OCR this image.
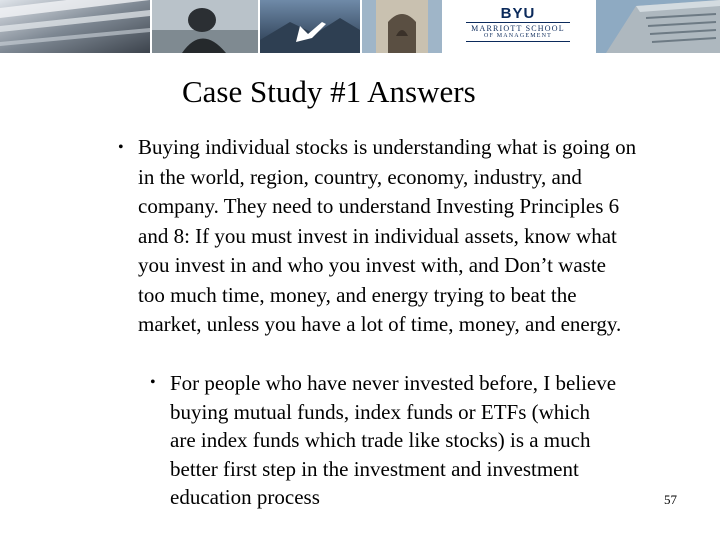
BYU
MARRIOTT SCHOOL
OF MANAGEMENT
Case Study #1 Answers
• Buying individual stocks is understanding what is going on in the world, region, country, economy, industry, and company. They need to understand Investing Principles 6 and 8: If you must invest in individual assets, know what you invest in and who you invest with, and Don’t waste too much time, money, and energy trying to beat the market, unless you have a lot of time, money, and energy.
• For people who have never invested before, I believe buying mutual funds, index funds or ETFs (which are index funds which trade like stocks) is a much better first step in the investment and investment education process	57
